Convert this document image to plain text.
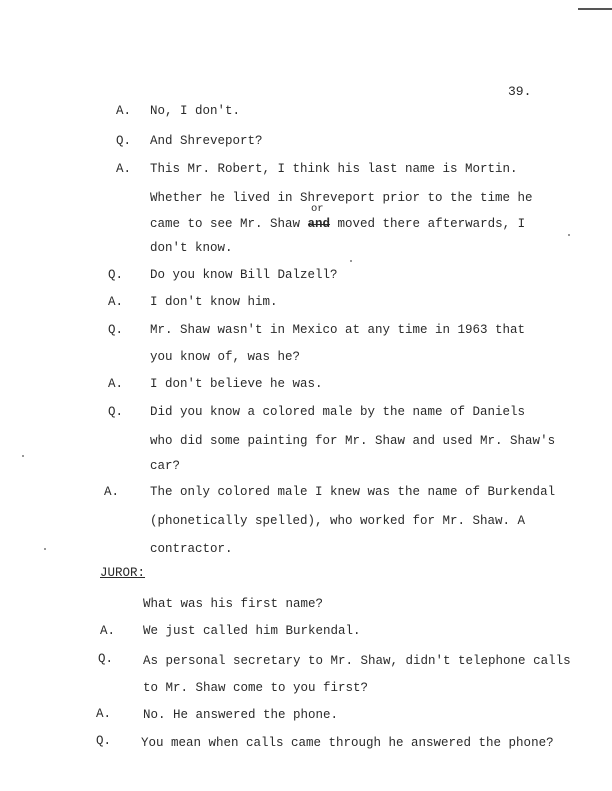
39.
A. No, I don't.
Q. And Shreveport?
A. This Mr. Robert, I think his last name is Mortin.
Whether he lived in Shreveport prior to the time he
or
came to see Mr. Shaw and moved there afterwards, I
don't know.
Q. Do you know Bill Dalzell?
A. I don't know him.
Q. Mr. Shaw wasn't in Mexico at any time in 1963 that
you know of, was he?
A. I don't believe he was.
Q. Did you know a colored male by the name of Daniels
who did some painting for Mr. Shaw and used Mr. Shaw's
car?
A. The only colored male I knew was the name of Burkendal
(phonetically spelled), who worked for Mr. Shaw. A
contractor.
JUROR:
What was his first name?
A. We just called him Burkendal.
Q. As personal secretary to Mr. Shaw, didn't telephone calls
to Mr. Shaw come to you first?
A.	No. He answered the phone.
Q. You mean when calls came through he answered the phone?
